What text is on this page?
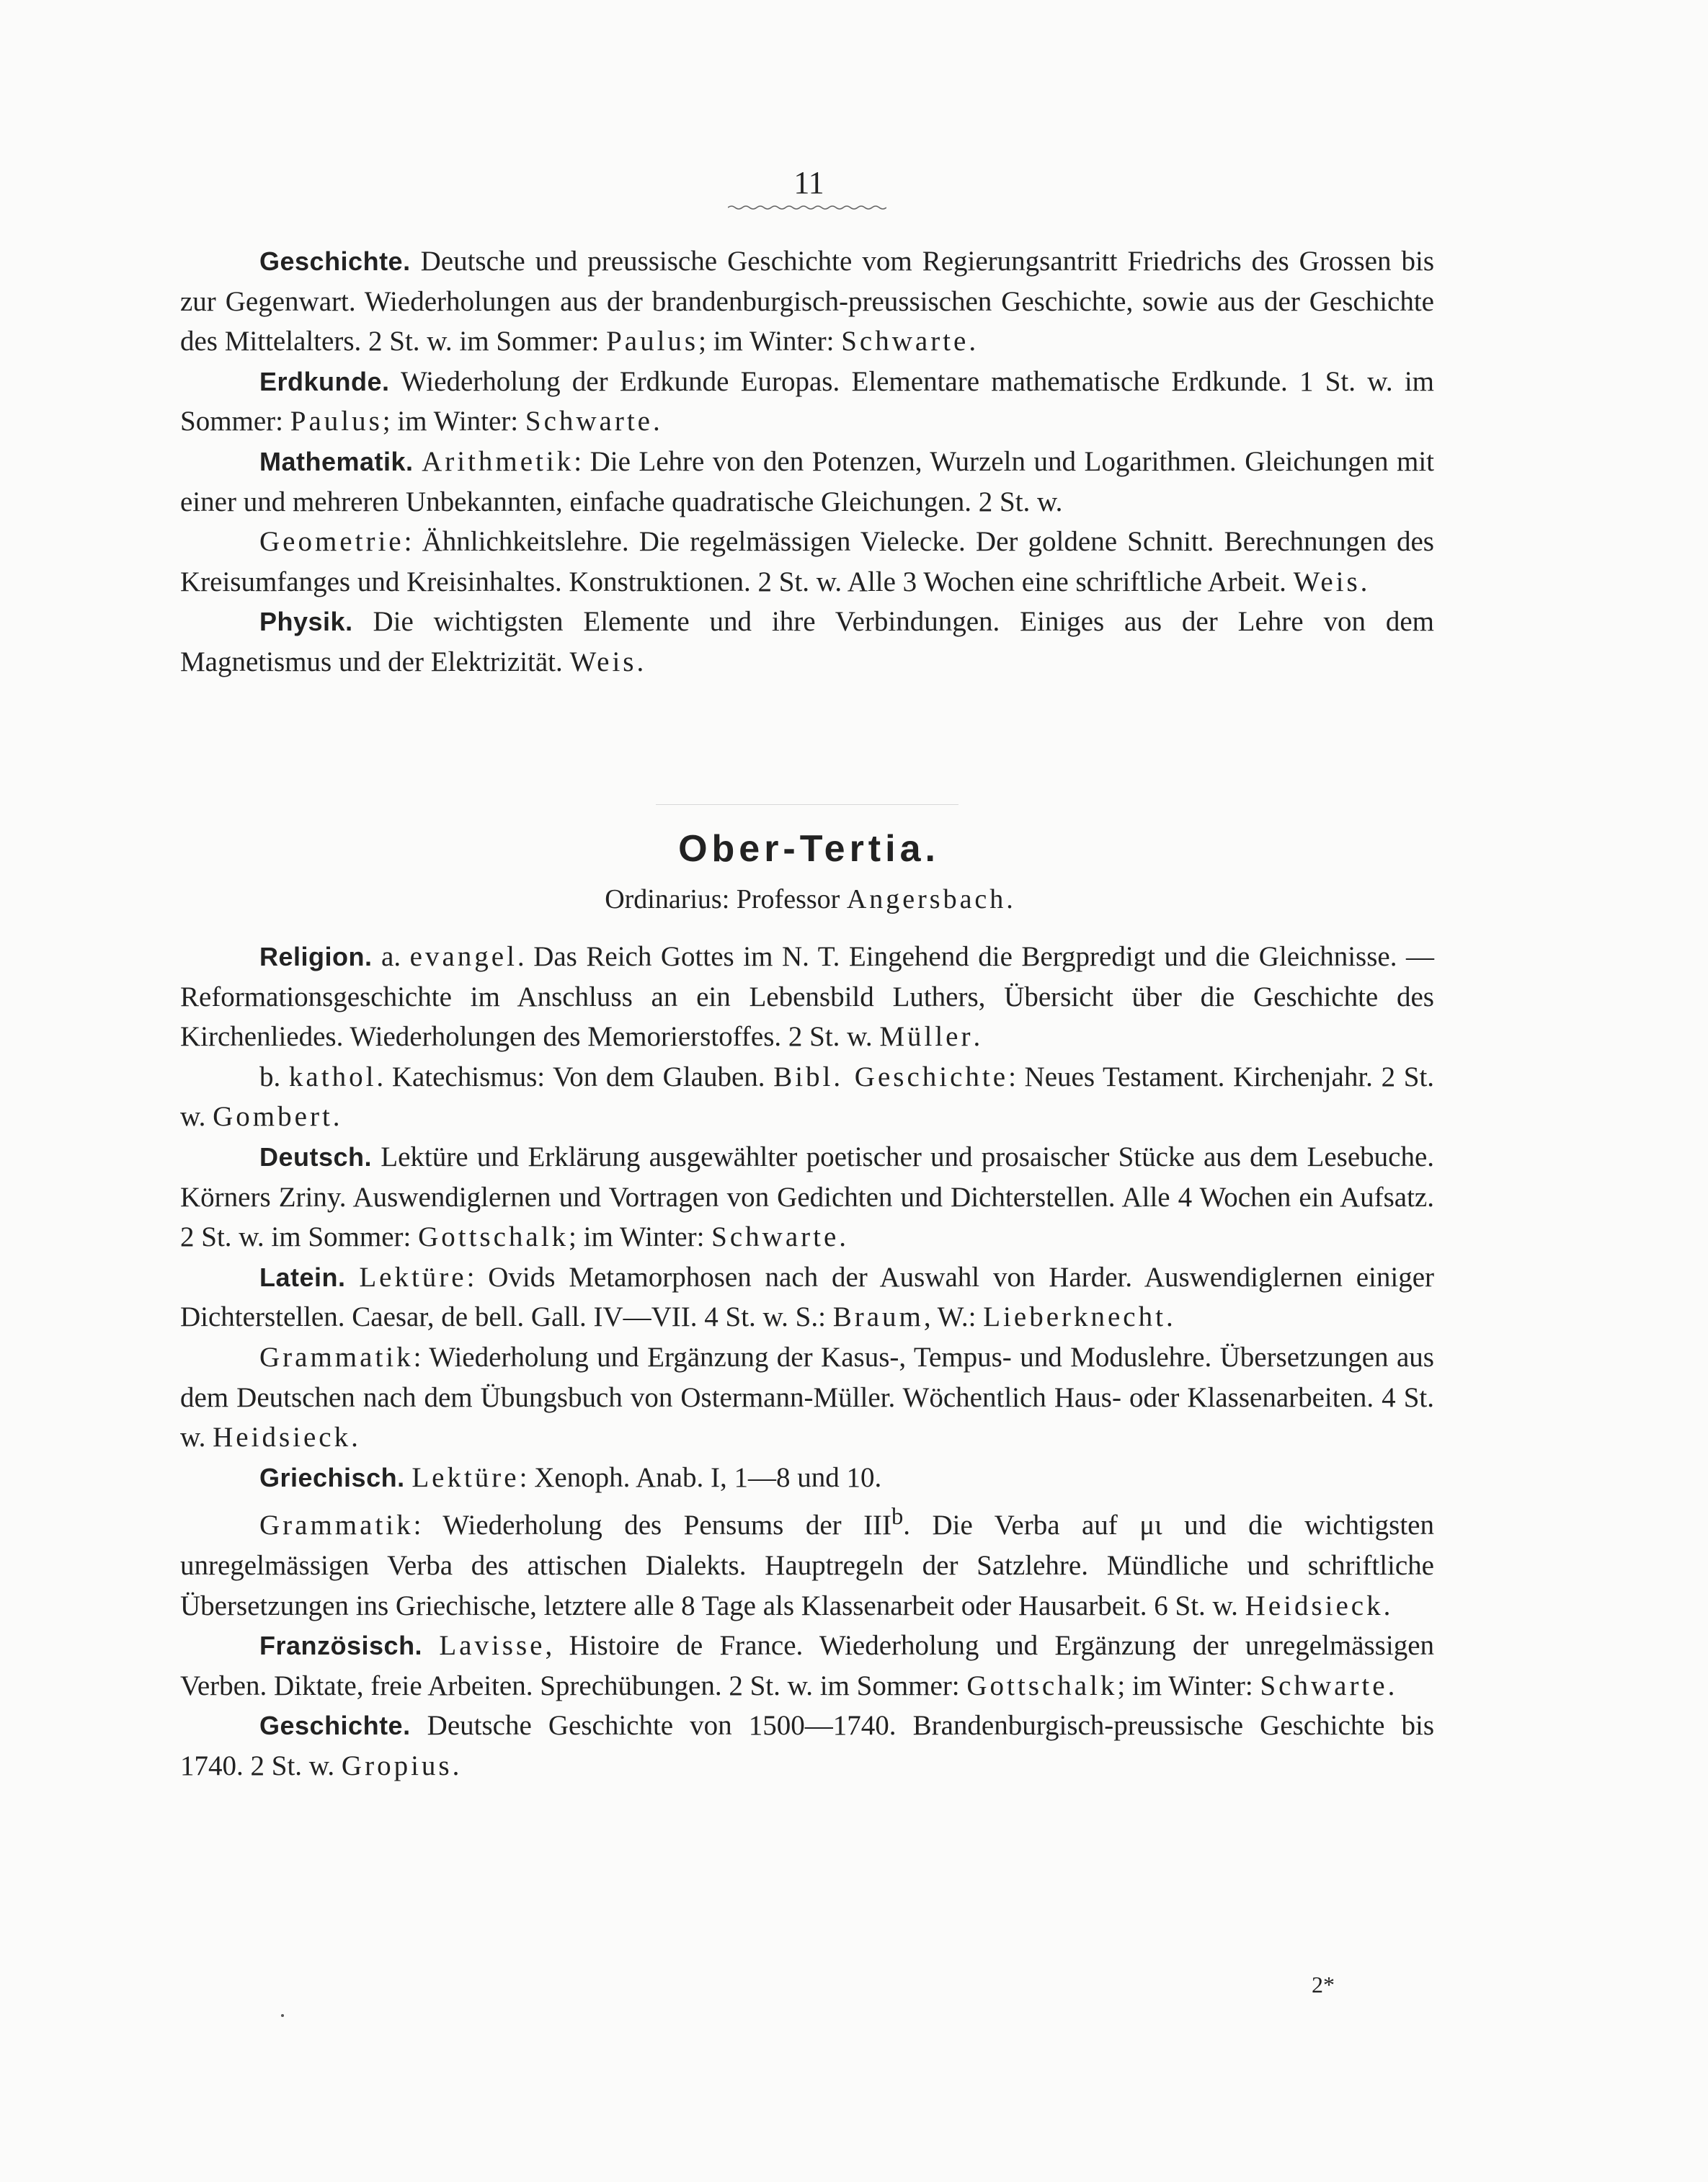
11

Geschichte. Deutsche und preussische Geschichte vom Regierungsantritt Friedrichs des Grossen bis zur Gegenwart. Wiederholungen aus der brandenburgisch-preussischen Geschichte, sowie aus der Geschichte des Mittelalters. 2 St. w. im Sommer: Paulus; im Winter: Schwarte.

Erdkunde. Wiederholung der Erdkunde Europas. Elementare mathematische Erdkunde. 1 St. w. im Sommer: Paulus; im Winter: Schwarte.

Mathematik. Arithmetik: Die Lehre von den Potenzen, Wurzeln und Logarithmen. Gleichungen mit einer und mehreren Unbekannten, einfache quadratische Gleichungen. 2 St. w.

Geometrie: Ähnlichkeitslehre. Die regelmässigen Vielecke. Der goldene Schnitt. Berechnungen des Kreisumfanges und Kreisinhaltes. Konstruktionen. 2 St. w. Alle 3 Wochen eine schriftliche Arbeit. Weis.

Physik. Die wichtigsten Elemente und ihre Verbindungen. Einiges aus der Lehre von dem Magnetismus und der Elektrizität. Weis.

Ober-Tertia.
Ordinarius: Professor Angersbach.

Religion. a. evangel. Das Reich Gottes im N. T. Eingehend die Bergpredigt und die Gleichnisse. — Reformationsgeschichte im Anschluss an ein Lebensbild Luthers, Übersicht über die Geschichte des Kirchenliedes. Wiederholungen des Memorierstoffes. 2 St. w. Müller.

b. kathol. Katechismus: Von dem Glauben. Bibl. Geschichte: Neues Testament. Kirchenjahr. 2 St. w. Gombert.

Deutsch. Lektüre und Erklärung ausgewählter poetischer und prosaischer Stücke aus dem Lesebuche. Körners Zriny. Auswendiglernen und Vortragen von Gedichten und Dichterstellen. Alle 4 Wochen ein Aufsatz. 2 St. w. im Sommer: Gottschalk; im Winter: Schwarte.

Latein. Lektüre: Ovids Metamorphosen nach der Auswahl von Harder. Auswendiglernen einiger Dichterstellen. Caesar, de bell. Gall. IV—VII. 4 St. w. S.: Braum, W.: Lieberknecht.

Grammatik: Wiederholung und Ergänzung der Kasus-, Tempus- und Moduslehre. Übersetzungen aus dem Deutschen nach dem Übungsbuch von Ostermann-Müller. Wöchentlich Haus- oder Klassenarbeiten. 4 St. w. Heidsieck.

Griechisch. Lektüre: Xenoph. Anab. I, 1—8 und 10.

Grammatik: Wiederholung des Pensums der III$^b$. Die Verba auf μι und die wichtigsten unregelmässigen Verba des attischen Dialekts. Hauptregeln der Satzlehre. Mündliche und schriftliche Übersetzungen ins Griechische, letztere alle 8 Tage als Klassenarbeit oder Hausarbeit. 6 St. w. Heidsieck.

Französisch. Lavisse, Histoire de France. Wiederholung und Ergänzung der unregelmässigen Verben. Diktate, freie Arbeiten. Sprechübungen. 2 St. w. im Sommer: Gottschalk; im Winter: Schwarte.

Geschichte. Deutsche Geschichte von 1500—1740. Brandenburgisch-preussische Geschichte bis 1740. 2 St. w. Gropius.

2*
